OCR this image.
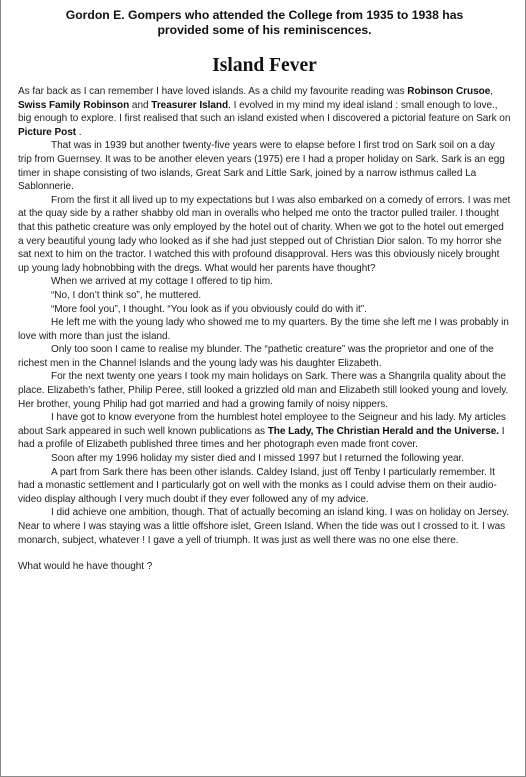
Gordon E. Gompers who attended the College from 1935 to 1938 has
provided some of his reminiscences.

Island Fever

As far back as I can remember I have loved islands. As a child my favourite reading was Robinson Crusoe, Swiss Family Robinson and Treasurer Island. I evolved in my mind my ideal island : small enough to love., big enough to explore. I first realised that such an island existed when I discovered a pictorial feature on Sark on Picture Post .

That was in 1939 but another twenty-five years were to elapse before I first trod on Sark soil on a day trip from Guernsey. It was to be another eleven years (1975) ere I had a proper holiday on Sark. Sark is an egg timer in shape consisting of two islands, Great Sark and Little Sark, joined by a narrow isthmus called La Sablonnerie.

From the first it all lived up to my expectations but I was also embarked on a comedy of errors. I was met at the quay side by a rather shabby old man in overalls who helped me onto the tractor pulled trailer. I thought that this pathetic creature was only employed by the hotel out of charity. When we got to the hotel out emerged a very beautiful young lady who looked as if she had just stepped out of Christian Dior salon. To my horror she sat next to him on the tractor. I watched this with profound disapproval. Hers was this obviously nicely brought up young lady hobnobbing with the dregs. What would her parents have thought?

When we arrived at my cottage I offered to tip him.

“No, I don’t think so”, he muttered.

“More fool you”, I thought. “You look as if you obviously could do with it”.

He left me with the young lady who showed me to my quarters. By the time she left me I was probably in love with more than just the island.

Only too soon I came to realise my blunder. The “pathetic creature” was the proprietor and one of the richest men in the Channel Islands and the young lady was his daughter Elizabeth.

For the next twenty one years I took my main holidays on Sark. There was a Shangrila quality about the place. Elizabeth’s father, Philip Peree, still looked a grizzled old man and Elizabeth still looked young and lovely. Her brother, young Philip had got married and had a growing family of noisy nippers.

I have got to know everyone from the humblest hotel employee to the Seigneur and his lady. My articles about Sark appeared in such well known publications as The Lady, The Christian Herald and the Universe. I had a profile of Elizabeth published three times and her photograph even made front cover.

Soon after my 1996 holiday my sister died and I missed 1997 but I returned the following year.

A part from Sark there has been other islands. Caldey Island, just off Tenby I particularly remember. It had a monastic settlement and I particularly got on well with the monks as I could advise them on their audio-video display although I very much doubt if they ever followed any of my advice.

I did achieve one ambition, though. That of actually becoming an island king. I was on holiday on Jersey. Near to where I was staying was a little offshore islet, Green Island. When the tide was out I crossed to it. I was monarch, subject, whatever ! I gave a yell of triumph. It was just as well there was no one else there.

What would he have thought ?
